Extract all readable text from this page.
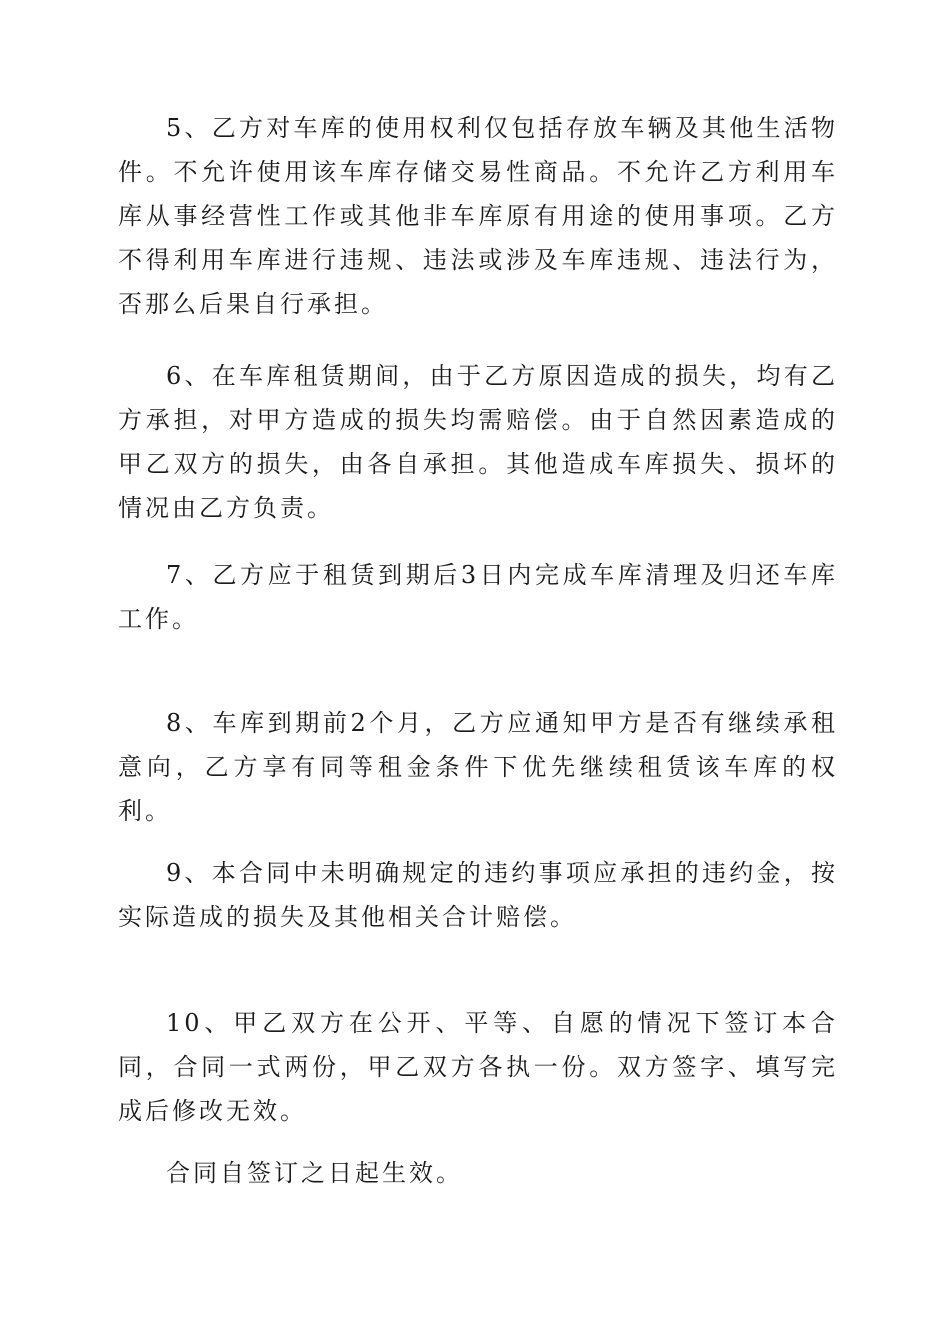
5、乙方对车库的使用权利仅包括存放车辆及其他生活物件。不允许使用该车库存储交易性商品。不允许乙方利用车库从事经营性工作或其他非车库原有用途的使用事项。乙方不得利用车库进行违规、违法或涉及车库违规、违法行为，否那么后果自行承担。

6、在车库租赁期间，由于乙方原因造成的损失，均有乙方承担，对甲方造成的损失均需赔偿。由于自然因素造成的甲乙双方的损失，由各自承担。其他造成车库损失、损坏的情况由乙方负责。

7、乙方应于租赁到期后3日内完成车库清理及归还车库工作。

8、车库到期前2个月，乙方应通知甲方是否有继续承租意向，乙方享有同等租金条件下优先继续租赁该车库的权利。

9、本合同中未明确规定的违约事项应承担的违约金，按实际造成的损失及其他相关合计赔偿。

10、甲乙双方在公开、平等、自愿的情况下签订本合同，合同一式两份，甲乙双方各执一份。双方签字、填写完成后修改无效。

合同自签订之日起生效。
